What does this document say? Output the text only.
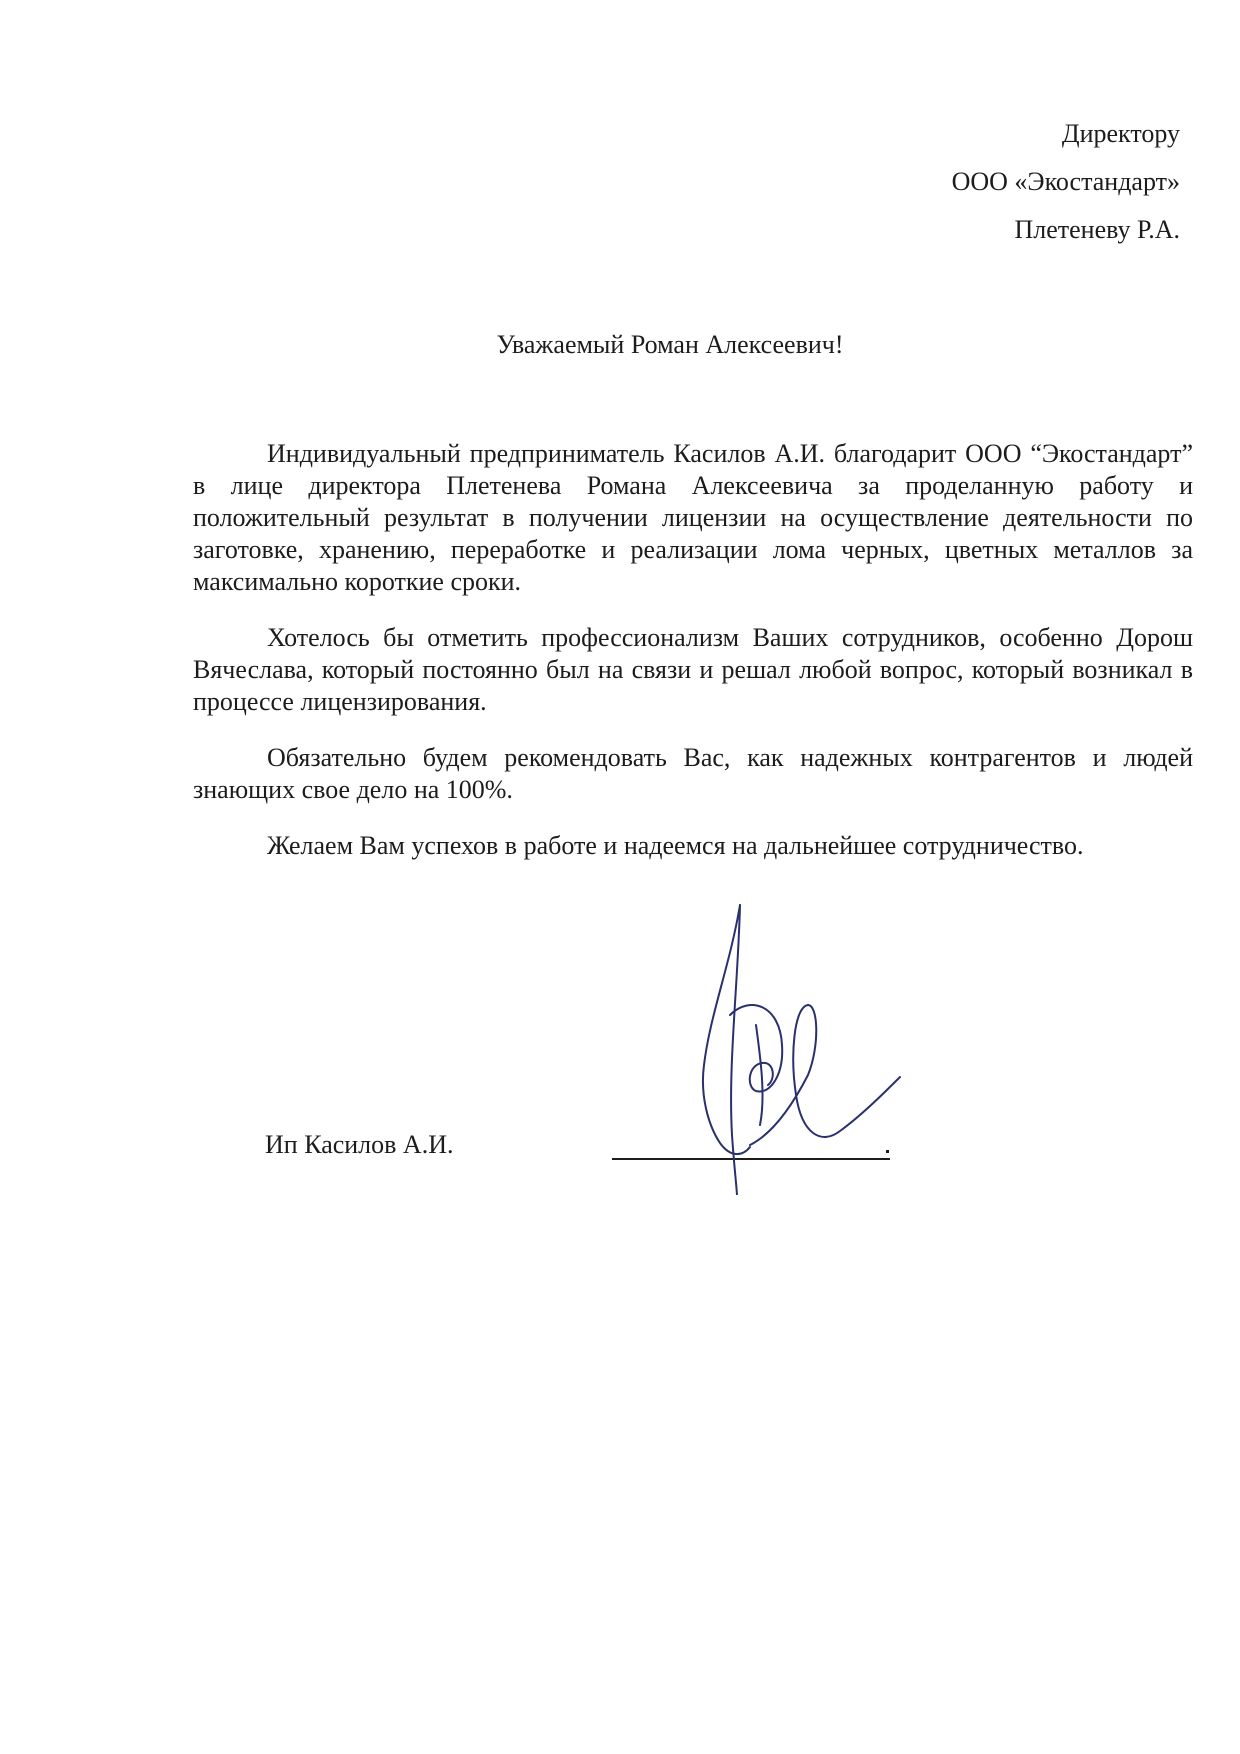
Директору
ООО «Экостандарт»
Плетеневу Р.А.
Уважаемый Роман Алексеевич!

Индивидуальный предприниматель Касилов А.И. благодарит ООО “Экостандарт” в лице директора Плетенева Романа Алексеевича за проделанную работу и положительный результат в получении лицензии на осуществление деятельности по заготовке, хранению, переработке и реализации лома черных, цветных металлов за максимально короткие сроки.

Хотелось бы отметить профессионализм Ваших сотрудников, особенно Дорош Вячеслава, который постоянно был на связи и решал любой вопрос, который возникал в процессе лицензирования.

Обязательно будем рекомендовать Вас, как надежных контрагентов и людей знающих свое дело на 100%.

Желаем Вам успехов в работе и надеемся на дальнейшее сотрудничество.

Ип Касилов А.И.
